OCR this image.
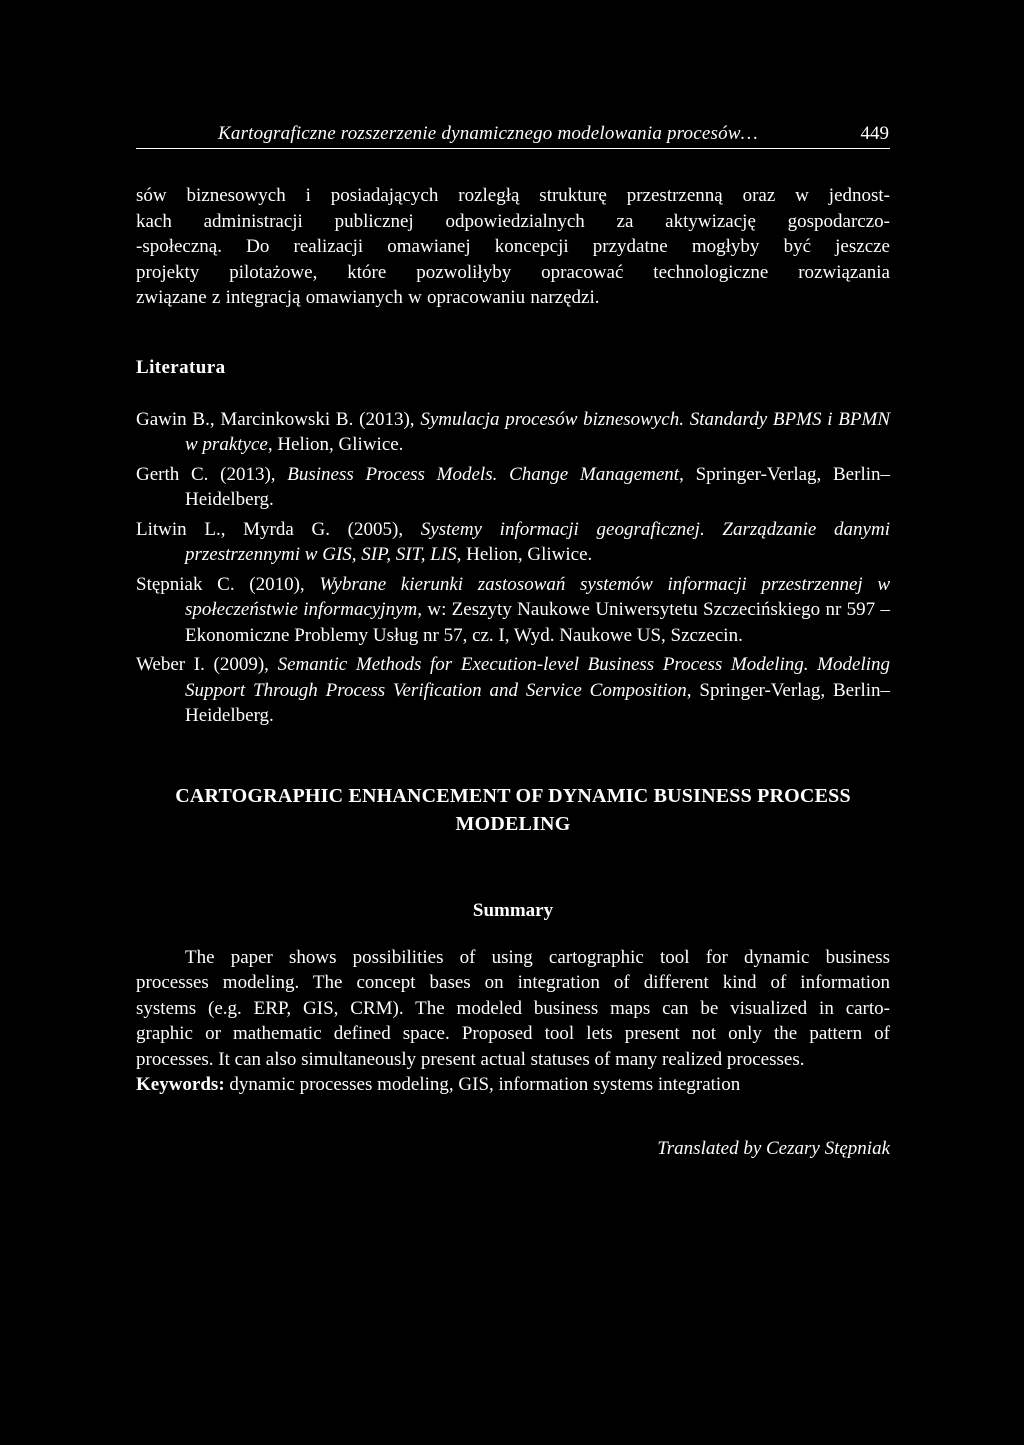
Kartograficzne rozszerzenie dynamicznego modelowania procesów…	449

sów biznesowych i posiadających rozległą strukturę przestrzenną oraz w jednost-
kach administracji publicznej odpowiedzialnych za aktywizację gospodarczo-
-społeczną. Do realizacji omawianej koncepcji przydatne mogłyby być jeszcze
projekty pilotażowe, które pozwoliłyby opracować technologiczne rozwiązania
związane z integracją omawianych w opracowaniu narzędzi.

Literatura
Gawin B., Marcinkowski B. (2013), Symulacja procesów biznesowych. Standardy BPMS i BPMN w praktyce, Helion, Gliwice.
Gerth C. (2013), Business Process Models. Change Management, Springer-Verlag, Berlin–Heidelberg.
Litwin L., Myrda G. (2005), Systemy informacji geograficznej. Zarządzanie danymi przestrzennymi w GIS, SIP, SIT, LIS, Helion, Gliwice.
Stępniak C. (2010), Wybrane kierunki zastosowań systemów informacji przestrzennej w społeczeństwie informacyjnym, w: Zeszyty Naukowe Uniwersytetu Szczecińskiego nr 597 – Ekonomiczne Problemy Usług nr 57, cz. I, Wyd. Naukowe US, Szczecin.
Weber I. (2009), Semantic Methods for Execution-level Business Process Modeling. Modeling Support Through Process Verification and Service Composition, Springer-Verlag, Berlin–Heidelberg.
CARTOGRAPHIC ENHANCEMENT OF DYNAMIC BUSINESS PROCESS
MODELING
Summary
The paper shows possibilities of using cartographic tool for dynamic business
processes modeling. The concept bases on integration of different kind of information
systems (e.g. ERP, GIS, CRM). The modeled business maps can be visualized in carto-
graphic or mathematic defined space. Proposed tool lets present not only the pattern of
processes. It can also simultaneously present actual statuses of many realized processes.
Keywords: dynamic processes modeling, GIS, information systems integration
Translated by Cezary Stępniak
